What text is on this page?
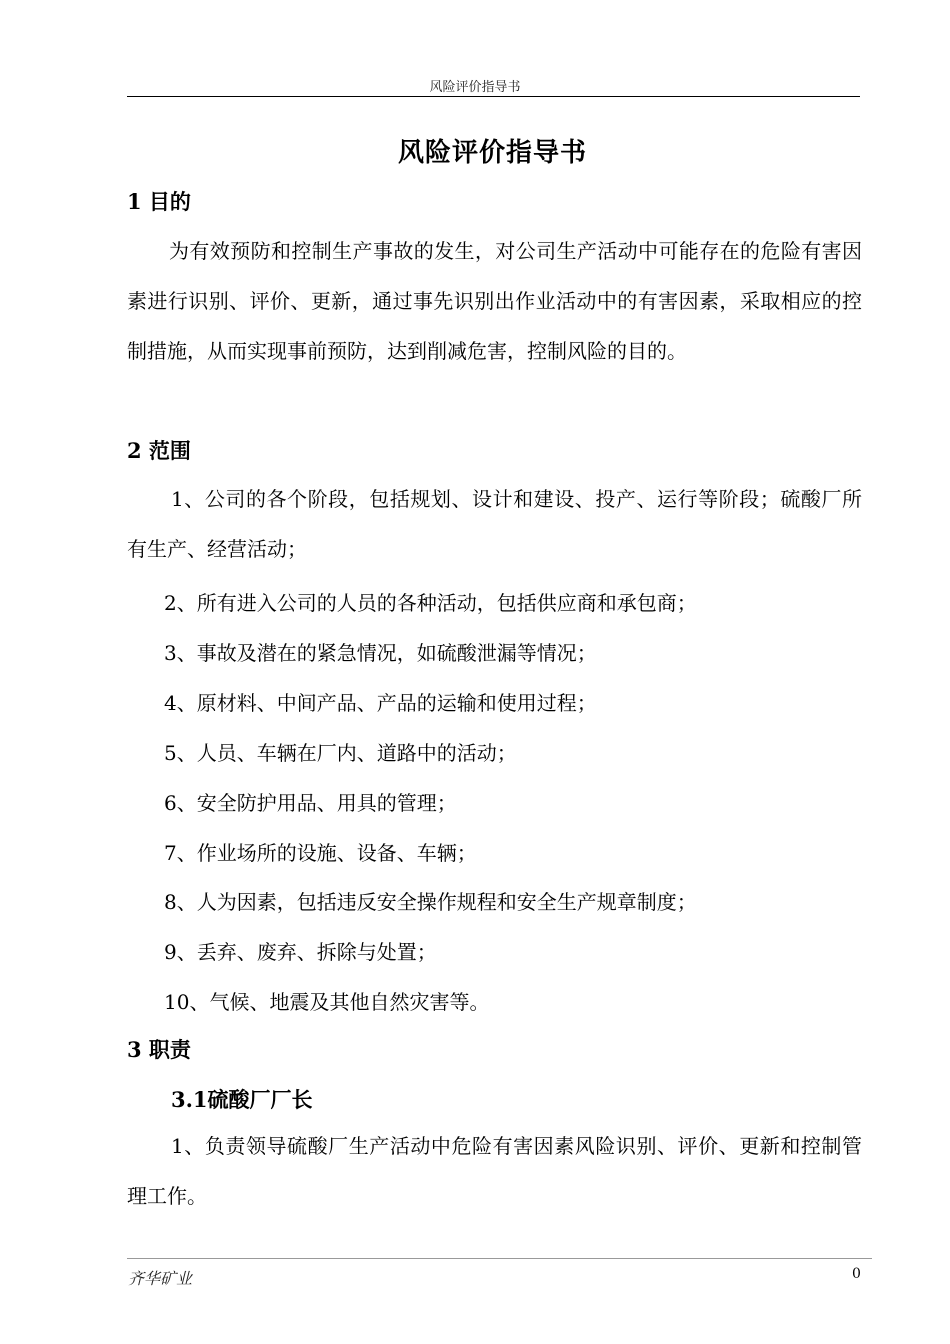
风险评价指导书
风险评价指导书
1 目的
为有效预防和控制生产事故的发生，对公司生产活动中可能存在的危险有害因素进行识别、评价、更新，通过事先识别出作业活动中的有害因素，采取相应的控制措施，从而实现事前预防，达到削减危害，控制风险的目的。
2 范围
1、公司的各个阶段，包括规划、设计和建设、投产、运行等阶段；硫酸厂所有生产、经营活动；
2、所有进入公司的人员的各种活动，包括供应商和承包商；
3、事故及潜在的紧急情况，如硫酸泄漏等情况；
4、原材料、中间产品、产品的运输和使用过程；
5、人员、车辆在厂内、道路中的活动；
6、安全防护用品、用具的管理；
7、作业场所的设施、设备、车辆；
8、人为因素，包括违反安全操作规程和安全生产规章制度；
9、丢弃、废弃、拆除与处置；
10、气候、地震及其他自然灾害等。
3 职责
3.1硫酸厂厂长
1、负责领导硫酸厂生产活动中危险有害因素风险识别、评价、更新和控制管理工作。
齐华矿业	0
